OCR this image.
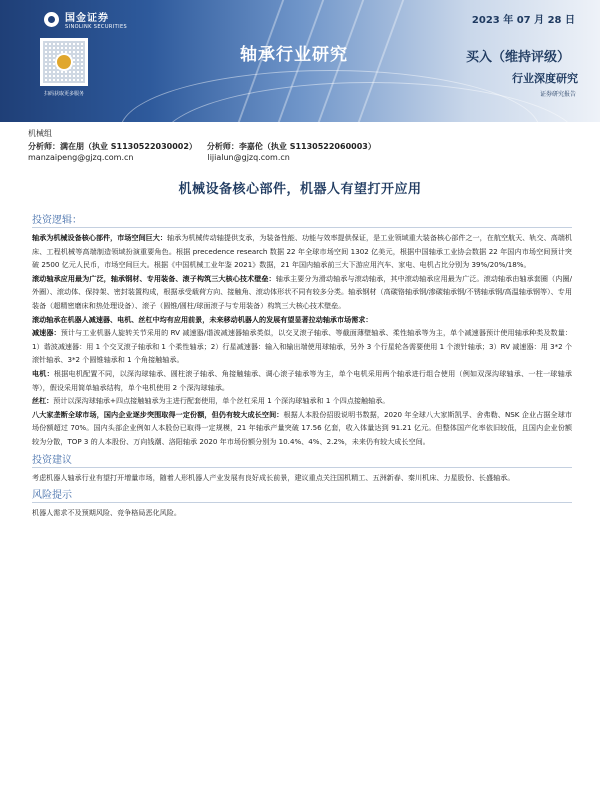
国金证券
SINOLINK SECURITIES
扫码获取更多服务
2023 年 07 月 28 日
轴承行业研究	买入（维持评级）
行业深度研究
证券研究报告
机械组
分析师：满在朋（执业 S1130522030002） 分析师：李嘉伦（执业 S1130522060003）
manzaipeng@gjzq.com.cn	lijialun@gjzq.com.cn
机械设备核心部件，机器人有望打开应用
投资逻辑：

轴承为机械设备核心部件，市场空间巨大：轴承为机械传动轴提供支承，为装备性能、功能与效率提供保证，是工业领域重大装备核心部件之一，在航空航天、轨交、高端机床、工程机械等高端制造领域扮演重要角色。根据 precedence research 数据 22 年全球市场空间 1302 亿美元，根据中国轴承工业协会数据 22 年国内市场空间预计突破 2500 亿元人民币，市场空间巨大。根据《中国机械工业年鉴 2021》数据，21 年国内轴承前三大下游应用汽车、家电、电机占比分别为 39%/20%/18%。

滚动轴承应用最为广泛，轴承钢材、专用装备、滚子构筑三大核心技术壁垒：轴承主要分为滑动轴承与滚动轴承，其中滚动轴承应用最为广泛。滚动轴承由轴承套圈（内圈/外圈）、滚动体、保持架、密封装置构成，根据承受载荷方向、接触角、滚动体形状不同有较多分类。轴承钢材（高碳铬轴承钢/渗碳轴承钢/不锈轴承钢/高温轴承钢等）、专用装备（超精密磨床和热处理设备）、滚子（圆锥/圆柱/球面滚子与专用装备）构筑三大核心技术壁垒。

滚动轴承在机器人减速器、电机、丝杠中均有应用前景，未来移动机器人的发展有望显著拉动轴承市场需求：

减速器：预计与工业机器人旋转关节采用的 RV 减速器/谐波减速器轴承类似，以交叉滚子轴承、等截面薄壁轴承、柔性轴承等为主，单个减速器预计使用轴承种类及数量：1）谐波减速器：用 1 个交叉滚子轴承和 1 个柔性轴承；2）行星减速器：输入和输出端使用球轴承，另外 3 个行星轮各需要使用 1 个滚针轴承；3）RV 减速器：用 3*2 个滚针轴承、3*2 个圆锥轴承和 1 个角接触轴承。

电机：根据电机配置不同，以深沟球轴承、圆柱滚子轴承、角接触轴承、调心滚子轴承等为主，单个电机采用两个轴承进行组合使用（例如双深沟球轴承、一柱一球轴承等），假设采用简单轴承结构，单个电机使用 2 个深沟球轴承。

丝杠：预计以深沟球轴承+四点接触轴承为主进行配套使用，单个丝杠采用 1 个深沟球轴承和 1 个四点接触轴承。

八大家垄断全球市场，国内企业逐步突围取得一定份额，但仍有较大成长空间：根据人本股份招股说明书数据，2020 年全球八大家斯凯孚、舍弗勒、NSK 企业占据全球市场份额超过 70%。国内头部企业例如人本股份已取得一定规模，21 年轴承产量突破 17.56 亿套，收入体量达到 91.21 亿元。但整体国产化率依旧较低，且国内企业份额较为分散，TOP 3 的人本股份、万向钱潮、洛阳轴承 2020 年市场份额分别为 10.4%、4%、2.2%，未来仍有较大成长空间。

投资建议

考虑机器人轴承行业有望打开增量市场，随着人形机器人产业发展有良好成长前景，建议重点关注国机精工、五洲新春、秦川机床、力星股份、长盛轴承。

风险提示

机器人需求不及预期风险、竞争格局恶化风险。
